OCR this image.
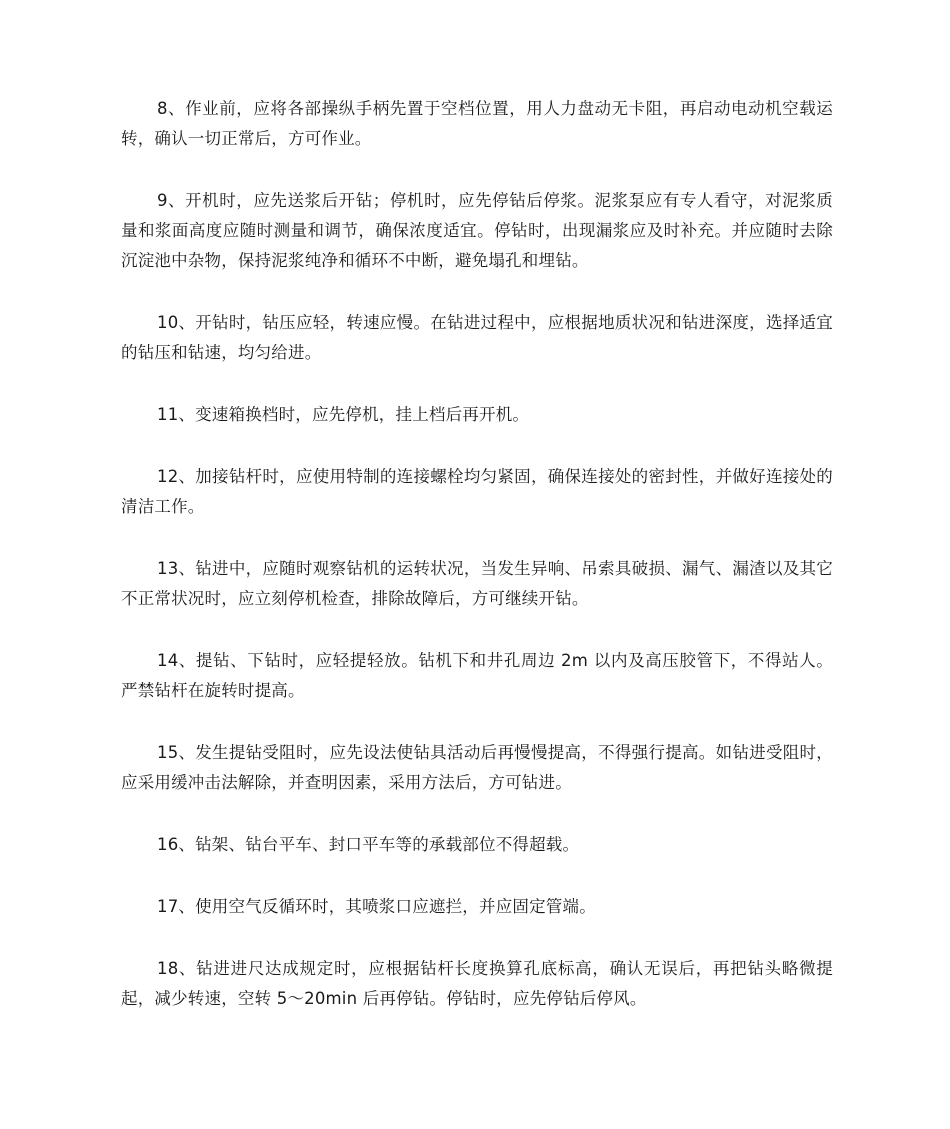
8、作业前，应将各部操纵手柄先置于空档位置，用人力盘动无卡阻，再启动电动机空载运转，确认一切正常后，方可作业。

9、开机时，应先送浆后开钻；停机时，应先停钻后停浆。泥浆泵应有专人看守，对泥浆质量和浆面高度应随时测量和调节，确保浓度适宜。停钻时，出现漏浆应及时补充。并应随时去除沉淀池中杂物，保持泥浆纯净和循环不中断，避免塌孔和埋钻。

10、开钻时，钻压应轻，转速应慢。在钻进过程中，应根据地质状况和钻进深度，选择适宜的钻压和钻速，均匀给进。

11、变速箱换档时，应先停机，挂上档后再开机。

12、加接钻杆时，应使用特制的连接螺栓均匀紧固，确保连接处的密封性，并做好连接处的清洁工作。

13、钻进中，应随时观察钻机的运转状况，当发生异响、吊索具破损、漏气、漏渣以及其它不正常状况时，应立刻停机检查，排除故障后，方可继续开钻。

14、提钻、下钻时，应轻提轻放。钻机下和井孔周边 2m 以内及高压胶管下，不得站人。严禁钻杆在旋转时提高。

15、发生提钻受阻时，应先设法使钻具活动后再慢慢提高，不得强行提高。如钻进受阻时，应采用缓冲击法解除，并查明因素，采用方法后，方可钻进。

16、钻架、钻台平车、封口平车等的承载部位不得超载。

17、使用空气反循环时，其喷浆口应遮拦，并应固定管端。

18、钻进进尺达成规定时，应根据钻杆长度换算孔底标高，确认无误后，再把钻头略微提起，减少转速，空转 5～20min 后再停钻。停钻时，应先停钻后停风。
